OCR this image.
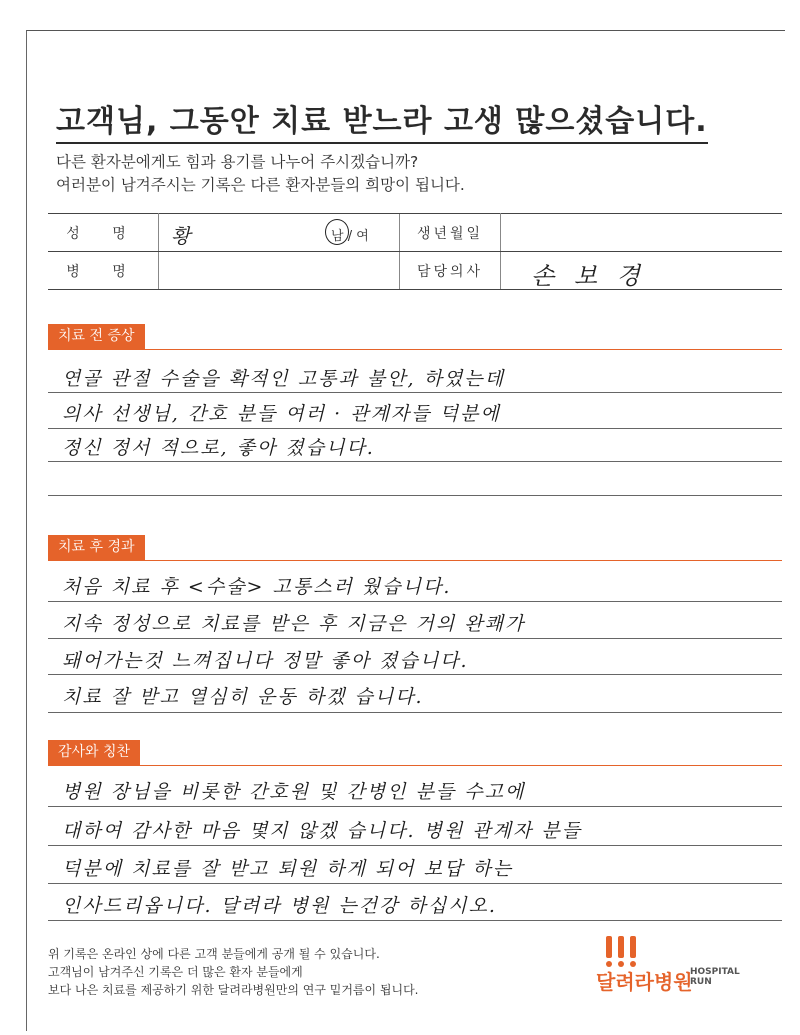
고객님, 그동안 치료 받느라 고생 많으셨습니다.
다른 환자분에게도 힘과 용기를 나누어 주시겠습니까?
여러분이 남겨주시는 기록은 다른 환자분들의 희망이 됩니다.
성 명	황 남 / 여	생년월일	
병 명		담당의사	손 보 경
치료 전 증상
연골 관절 수술을 확적인 고통과 불안, 하였는데
의사 선생님, 간호 분들 여러 · 관계자들 덕분에
정신 정서 적으로, 좋아 졌습니다.
치료 후 경과
처음 치료 후 <수술> 고통스러 웠습니다.
지속 정성으로 치료를 받은 후 지금은 거의 완쾌가
돼어가는것 느껴집니다 정말 좋아 졌습니다.
치료 잘 받고 열심히 운동 하겠 습니다.
감사와 칭찬
병원 장님을 비롯한 간호원 및 간병인 분들 수고에
대하여 감사한 마음 몇지 않겠 습니다. 병원 관계자 분들
덕분에 치료를 잘 받고 퇴원 하게 되어 보답 하는
인사드리옵니다. 달려라 병원 는건강 하십시오.
위 기록은 온라인 상에 다른 고객 분들에게 공개 될 수 있습니다.
고객님이 남겨주신 기록은 더 많은 환자 분들에게
보다 나은 치료를 제공하기 위한 달려라병원만의 연구 밑거름이 됩니다.	달려라병원
HOSPITAL
RUN
